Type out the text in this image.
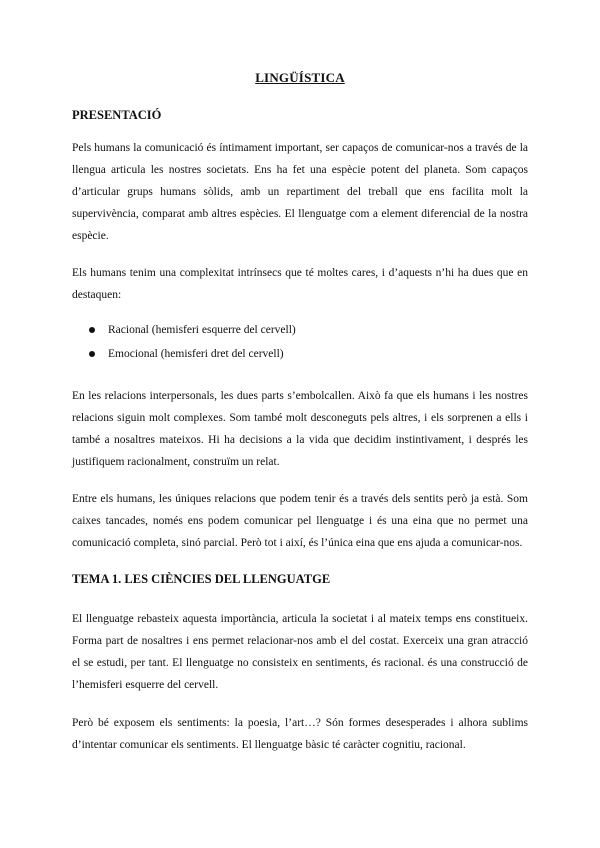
LINGÜÍSTICA
PRESENTACIÓ

Pels humans la comunicació és íntimament important, ser capaços de comunicar-nos a través de la llengua articula les nostres societats. Ens ha fet una espècie potent del planeta. Som capaços d’articular grups humans sòlids, amb un repartiment del treball que ens facilita molt la supervivència, comparat amb altres espècies. El llenguatge com a element diferencial de la nostra espècie.

Els humans tenim una complexitat intrínsecs que té moltes cares, i d’aquests n’hi ha dues que en destaquen:

Racional (hemisferi esquerre del cervell)
Emocional (hemisferi dret del cervell)

En les relacions interpersonals, les dues parts s’embolcallen. Això fa que els humans i les nostres relacions siguin molt complexes. Som també molt desconeguts pels altres, i els sorprenen a ells i també a nosaltres mateixos. Hi ha decisions a la vida que decidim instintivament, i després les justifiquem racionalment, construïm un relat.

Entre els humans, les úniques relacions que podem tenir és a través dels sentits però ja està. Som caixes tancades, només ens podem comunicar pel llenguatge i és una eina que no permet una comunicació completa, sinó parcial. Però tot i així, és l’única eina que ens ajuda a comunicar-nos.

TEMA 1. LES CIÈNCIES DEL LLENGUATGE

El llenguatge rebasteix aquesta importància, articula la societat i al mateix temps ens constitueix. Forma part de nosaltres i ens permet relacionar-nos amb el del costat. Exerceix una gran atracció el se estudi, per tant. El llenguatge no consisteix en sentiments, és racional. és una construcció de l’hemisferi esquerre del cervell.

Però bé exposem els sentiments: la poesia, l’art…? Són formes desesperades i alhora sublims d’intentar comunicar els sentiments. El llenguatge bàsic té caràcter cognitiu, racional.
